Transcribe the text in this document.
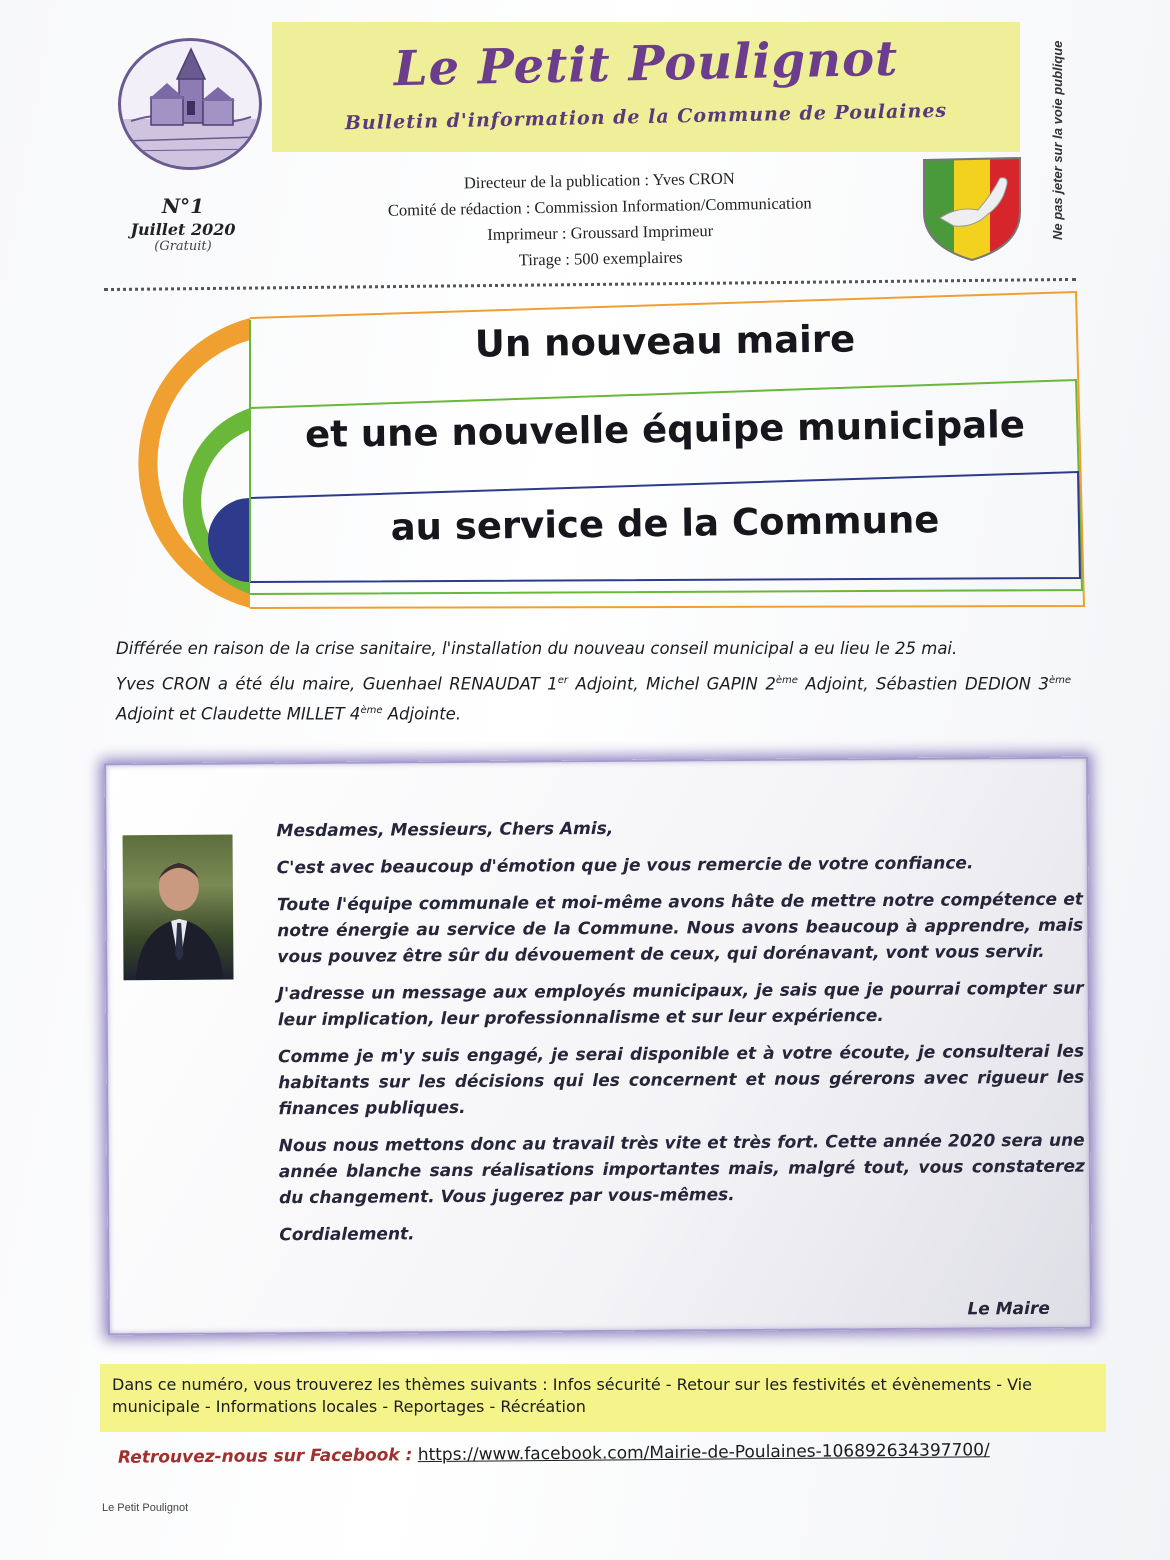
Le Petit Poulignot
Bulletin d'information de la Commune de Poulaines
N°1
Juillet 2020
(Gratuit)
Directeur de la publication : Yves CRON
Comité de rédaction : Commission Information/Communication
Imprimeur : Groussard Imprimeur
Tirage : 500 exemplaires
Ne pas jeter sur la voie publique
Un nouveau maire
et une nouvelle équipe municipale
au service de la Commune
Différée en raison de la crise sanitaire, l'installation du nouveau conseil municipal a eu lieu le 25 mai.
Yves CRON a été élu maire, Guenhael RENAUDAT 1er Adjoint, Michel GAPIN 2ème Adjoint, Sébastien DEDION 3ème Adjoint et Claudette MILLET 4ème Adjointe.

Mesdames, Messieurs, Chers Amis,

C'est avec beaucoup d'émotion que je vous remercie de votre confiance.

Toute l'équipe communale et moi-même avons hâte de mettre notre compétence et notre énergie au service de la Commune. Nous avons beaucoup à apprendre, mais vous pouvez être sûr du dévouement de ceux, qui dorénavant, vont vous servir.

J'adresse un message aux employés municipaux, je sais que je pourrai compter sur leur implication, leur professionnalisme et sur leur expérience.

Comme je m'y suis engagé, je serai disponible et à votre écoute, je consulterai les habitants sur les décisions qui les concernent et nous gérerons avec rigueur les finances publiques.

Nous nous mettons donc au travail très vite et très fort. Cette année 2020 sera une année blanche sans réalisations importantes mais, malgré tout, vous constaterez du changement. Vous jugerez par vous-mêmes.

Cordialement.

Le Maire
Dans ce numéro, vous trouverez les thèmes suivants : Infos sécurité - Retour sur les festivités et évènements - Vie municipale - Informations locales - Reportages - Récréation
Retrouvez-nous sur Facebook : https://www.facebook.com/Mairie-de-Poulaines-106892634397700/
Le Petit Poulignot
